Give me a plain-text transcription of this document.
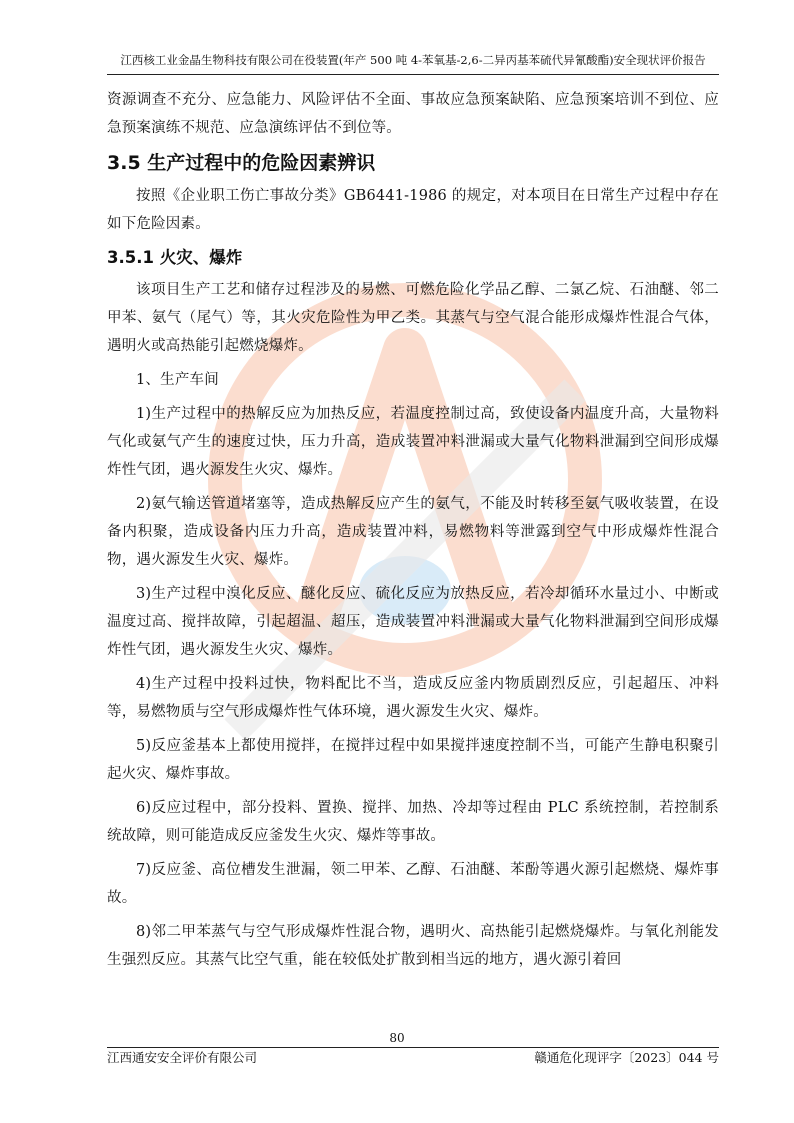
江西核工业金晶生物科技有限公司在役装置(年产 500 吨 4-苯氧基-2,6-二异丙基苯硫代异氰酸酯)安全现状评价报告

资源调查不充分、应急能力、风险评估不全面、事故应急预案缺陷、应急预案培训不到位、应急预案演练不规范、应急演练评估不到位等。

3.5 生产过程中的危险因素辨识

按照《企业职工伤亡事故分类》GB6441-1986 的规定，对本项目在日常生产过程中存在如下危险因素。

3.5.1 火灾、爆炸

该项目生产工艺和储存过程涉及的易燃、可燃危险化学品乙醇、二氯乙烷、石油醚、邻二甲苯、氨气（尾气）等，其火灾危险性为甲乙类。其蒸气与空气混合能形成爆炸性混合气体，遇明火或高热能引起燃烧爆炸。

1、生产车间

1)生产过程中的热解反应为加热反应，若温度控制过高，致使设备内温度升高，大量物料气化或氨气产生的速度过快，压力升高，造成装置冲料泄漏或大量气化物料泄漏到空间形成爆炸性气团，遇火源发生火灾、爆炸。

2)氨气输送管道堵塞等，造成热解反应产生的氨气，不能及时转移至氨气吸收装置，在设备内积聚，造成设备内压力升高，造成装置冲料，易燃物料等泄露到空气中形成爆炸性混合物，遇火源发生火灾、爆炸。

3)生产过程中溴化反应、醚化反应、硫化反应为放热反应，若冷却循环水量过小、中断或温度过高、搅拌故障，引起超温、超压，造成装置冲料泄漏或大量气化物料泄漏到空间形成爆炸性气团，遇火源发生火灾、爆炸。

4)生产过程中投料过快，物料配比不当，造成反应釜内物质剧烈反应，引起超压、冲料等，易燃物质与空气形成爆炸性气体环境，遇火源发生火灾、爆炸。

5)反应釜基本上都使用搅拌，在搅拌过程中如果搅拌速度控制不当，可能产生静电积聚引起火灾、爆炸事故。

6)反应过程中，部分投料、置换、搅拌、加热、冷却等过程由 PLC 系统控制，若控制系统故障，则可能造成反应釜发生火灾、爆炸等事故。

7)反应釜、高位槽发生泄漏，领二甲苯、乙醇、石油醚、苯酚等遇火源引起燃烧、爆炸事故。

8)邻二甲苯蒸气与空气形成爆炸性混合物，遇明火、高热能引起燃烧爆炸。与氧化剂能发生强烈反应。其蒸气比空气重，能在较低处扩散到相当远的地方，遇火源引着回

80
江西通安安全评价有限公司	赣通危化现评字〔2023〕044 号
